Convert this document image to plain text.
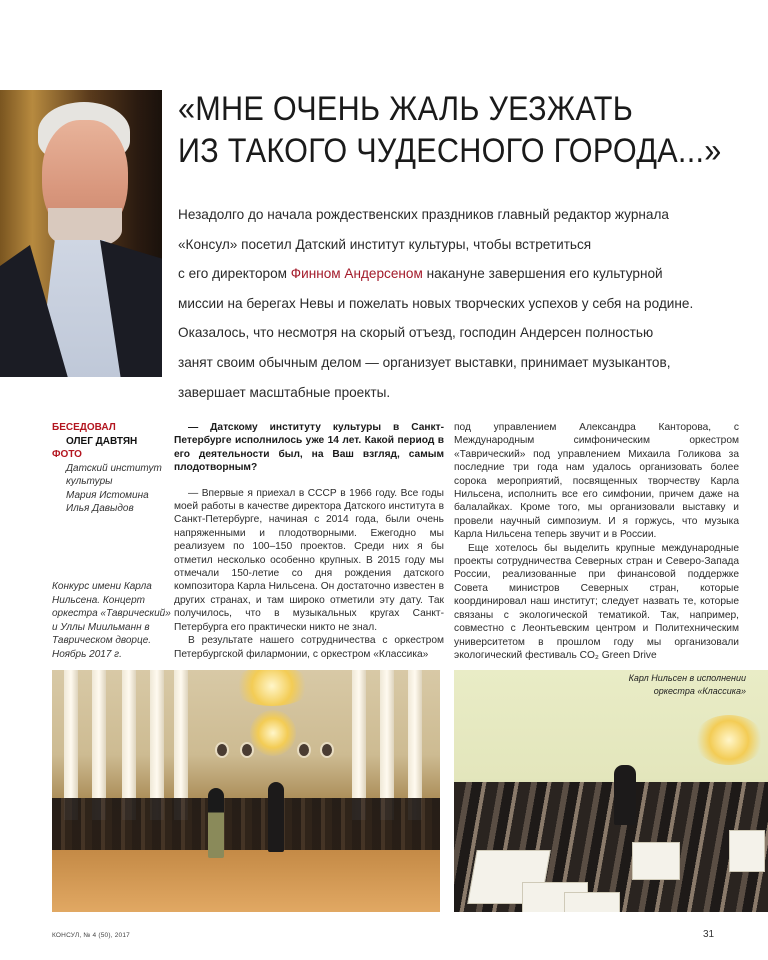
«МНЕ ОЧЕНЬ ЖАЛЬ УЕЗЖАТЬ
ИЗ ТАКОГО ЧУДЕСНОГО ГОРОДА...»
Незадолго до начала рождественских праздников главный редактор журнала
«Консул» посетил Датский институт культуры, чтобы встретиться
с его директором Финном Андерсеном накануне завершения его культурной
миссии на берегах Невы и пожелать новых творческих успехов у себя на родине.
Оказалось, что несмотря на скорый отъезд, господин Андерсен полностью
занят своим обычным делом — организует выставки, принимает музыкантов,
завершает масштабные проекты.
БЕСЕДОВАЛ
ОЛЕГ ДАВТЯН
ФОТО
Датский институт
культуры
Мария Истомина
Илья Давыдов
Конкурс имени Карла Нильсена. Концерт оркестра «Таврический» и Уллы Миильманн в Таврическом дворце. Ноябрь 2017 г.

— Датскому институту культуры в Санкт-Петербурге исполнилось уже 14 лет. Какой период в его деятельности был, на Ваш взгляд, самым плодотворным?

— Впервые я приехал в СССР в 1966 году. Все годы моей работы в качестве директора Датского института в Санкт-Петербурге, начиная с 2014 года, были очень напряженными и плодотворными. Ежегодно мы реализуем по 100–150 проектов. Среди них я бы отметил несколько особенно крупных. В 2015 году мы отмечали 150-летие со дня рождения датского композитора Карла Нильсена. Он достаточно известен в других странах, и там широко отметили эту дату. Так получилось, что в музыкальных кругах Санкт-Петербурга его практически никто не знал.

В результате нашего сотрудничества с оркестром Петербургской филармонии, с оркестром «Классика»

под управлением Александра Канторова, с Международным симфоническим оркестром «Таврический» под управлением Михаила Голикова за последние три года нам удалось организовать более сорока мероприятий, посвященных творчеству Карла Нильсена, исполнить все его симфонии, причем даже на балалайках. Кроме того, мы организовали выставку и провели научный симпозиум. И я горжусь, что музыка Карла Нильсена теперь звучит и в России.

Еще хотелось бы выделить крупные международные проекты сотрудничества Северных стран и Северо-Запада России, реализованные при финансовой поддержке Совета министров Северных стран, которые координировал наш институт; следует назвать те, которые связаны с экологической тематикой. Так, например, совместно с Леонтьевским центром и Политехническим университетом в прошлом году мы организовали экологический фестиваль CO₂ Green Drive

Карл Нильсен в исполнении
оркестра «Классика»
КОНСУЛ, № 4 (50), 2017	31
